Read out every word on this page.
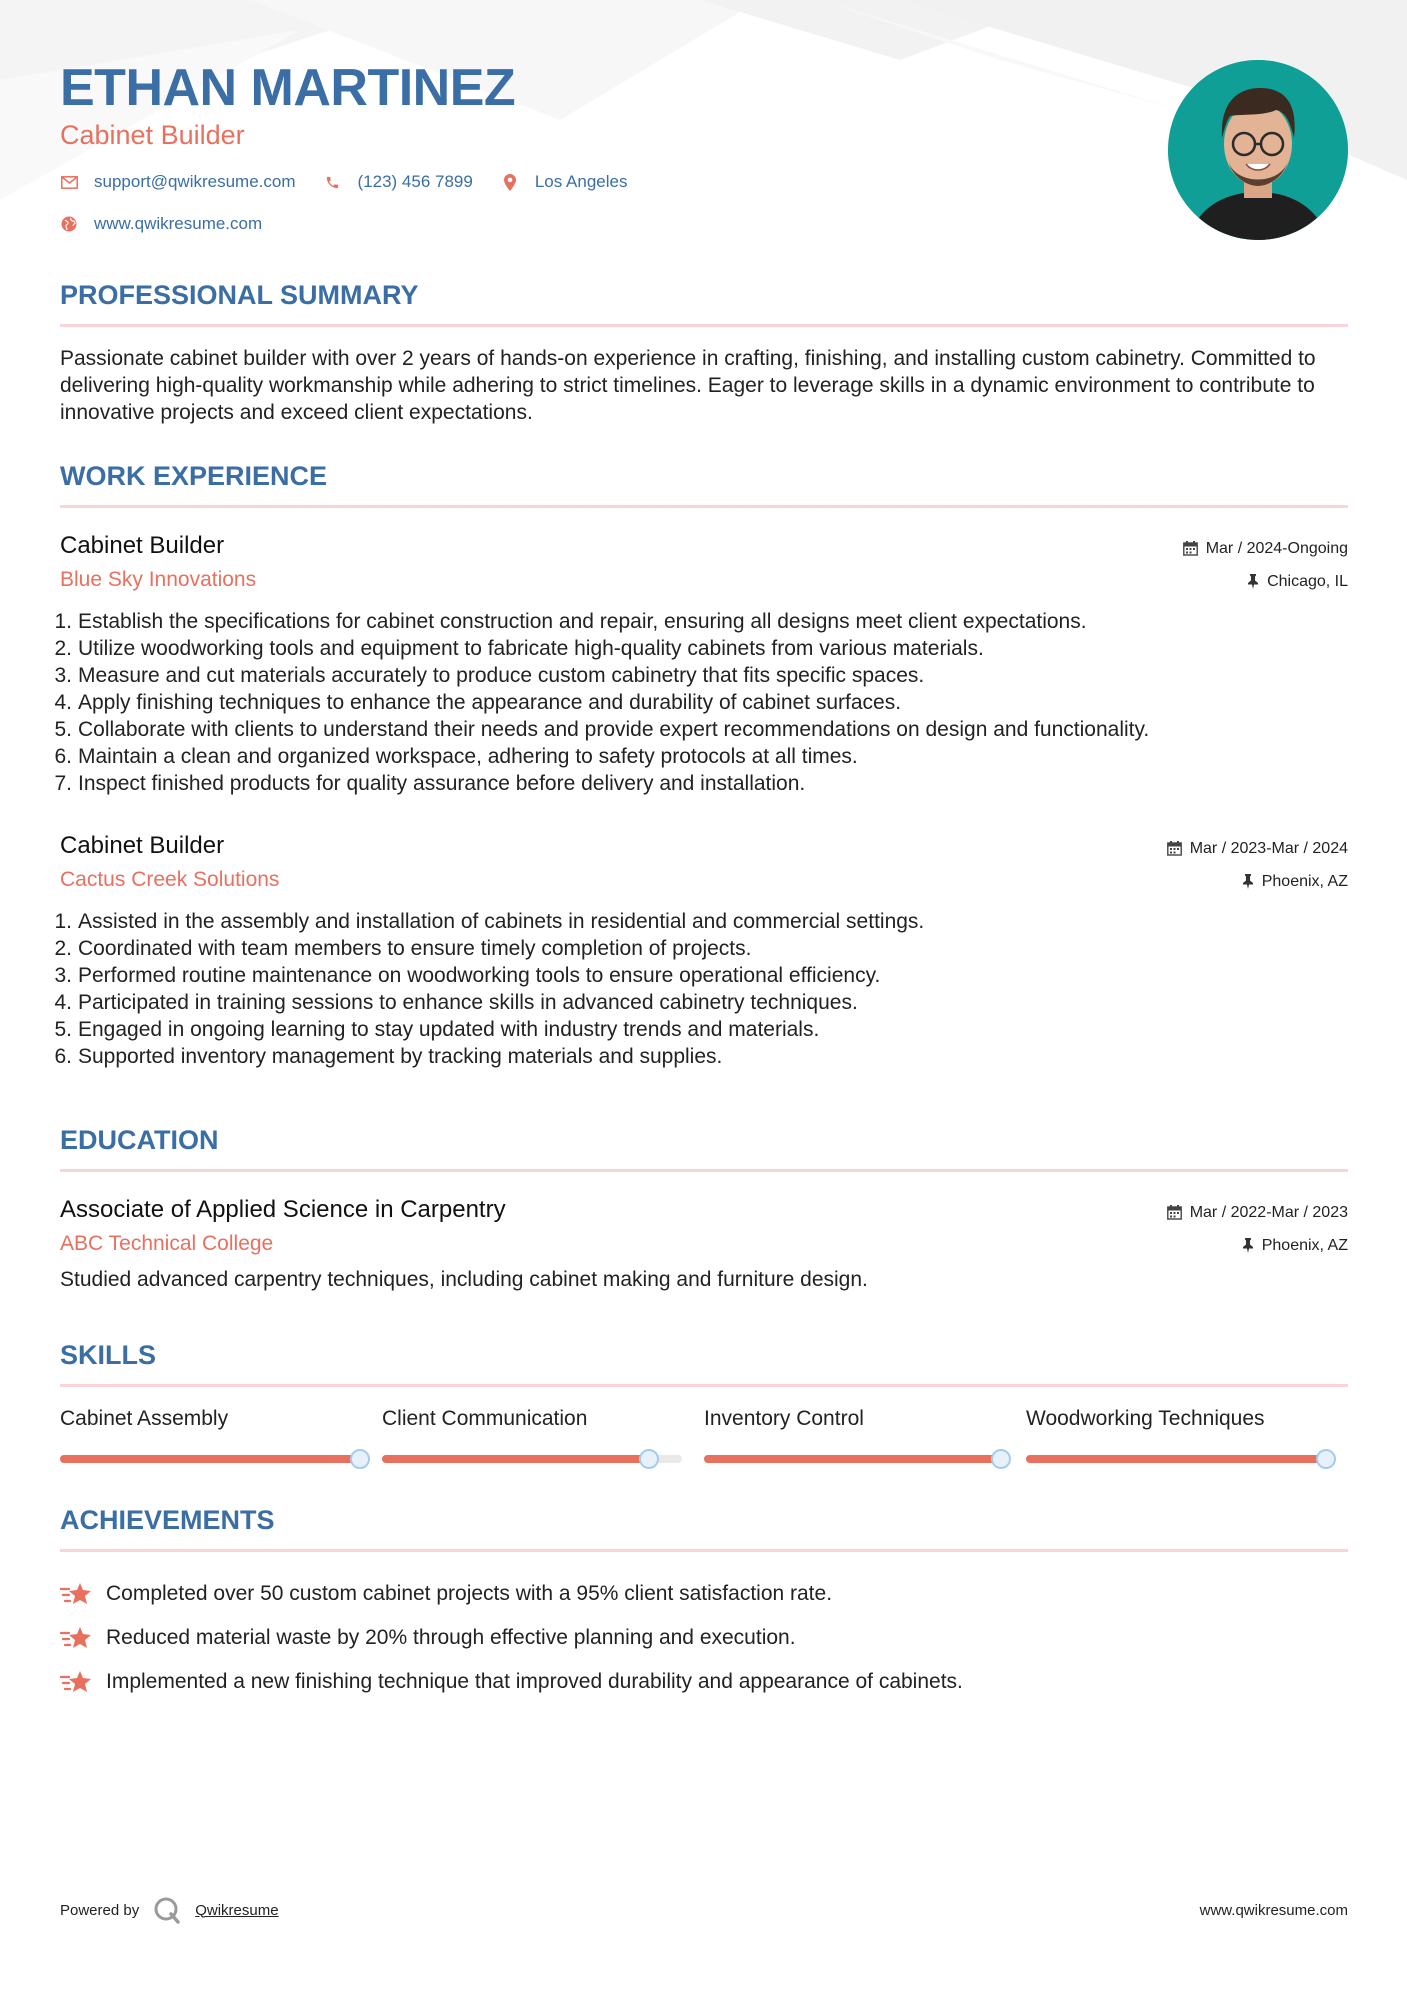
ETHAN MARTINEZ
Cabinet Builder
support@qwikresume.com	(123) 456 7899	Los Angeles
www.qwikresume.com
PROFESSIONAL SUMMARY
Passionate cabinet builder with over 2 years of hands-on experience in crafting, finishing, and installing custom cabinetry. Committed to delivering high-quality workmanship while adhering to strict timelines. Eager to leverage skills in a dynamic environment to contribute to innovative projects and exceed client expectations.
WORK EXPERIENCE
Cabinet Builder
Blue Sky Innovations
Mar / 2024-Ongoing
Chicago, IL
1. Establish the specifications for cabinet construction and repair, ensuring all designs meet client expectations.
2. Utilize woodworking tools and equipment to fabricate high-quality cabinets from various materials.
3. Measure and cut materials accurately to produce custom cabinetry that fits specific spaces.
4. Apply finishing techniques to enhance the appearance and durability of cabinet surfaces.
5. Collaborate with clients to understand their needs and provide expert recommendations on design and functionality.
6. Maintain a clean and organized workspace, adhering to safety protocols at all times.
7. Inspect finished products for quality assurance before delivery and installation.
Cabinet Builder
Cactus Creek Solutions
Mar / 2023-Mar / 2024
Phoenix, AZ
1. Assisted in the assembly and installation of cabinets in residential and commercial settings.
2. Coordinated with team members to ensure timely completion of projects.
3. Performed routine maintenance on woodworking tools to ensure operational efficiency.
4. Participated in training sessions to enhance skills in advanced cabinetry techniques.
5. Engaged in ongoing learning to stay updated with industry trends and materials.
6. Supported inventory management by tracking materials and supplies.
EDUCATION
Associate of Applied Science in Carpentry
ABC Technical College
Mar / 2022-Mar / 2023
Phoenix, AZ
Studied advanced carpentry techniques, including cabinet making and furniture design.
SKILLS
Cabinet Assembly	Client Communication	Inventory Control	Woodworking Techniques
ACHIEVEMENTS
Completed over 50 custom cabinet projects with a 95% client satisfaction rate.
Reduced material waste by 20% through effective planning and execution.
Implemented a new finishing technique that improved durability and appearance of cabinets.
Powered by	Qwikresume	www.qwikresume.com
